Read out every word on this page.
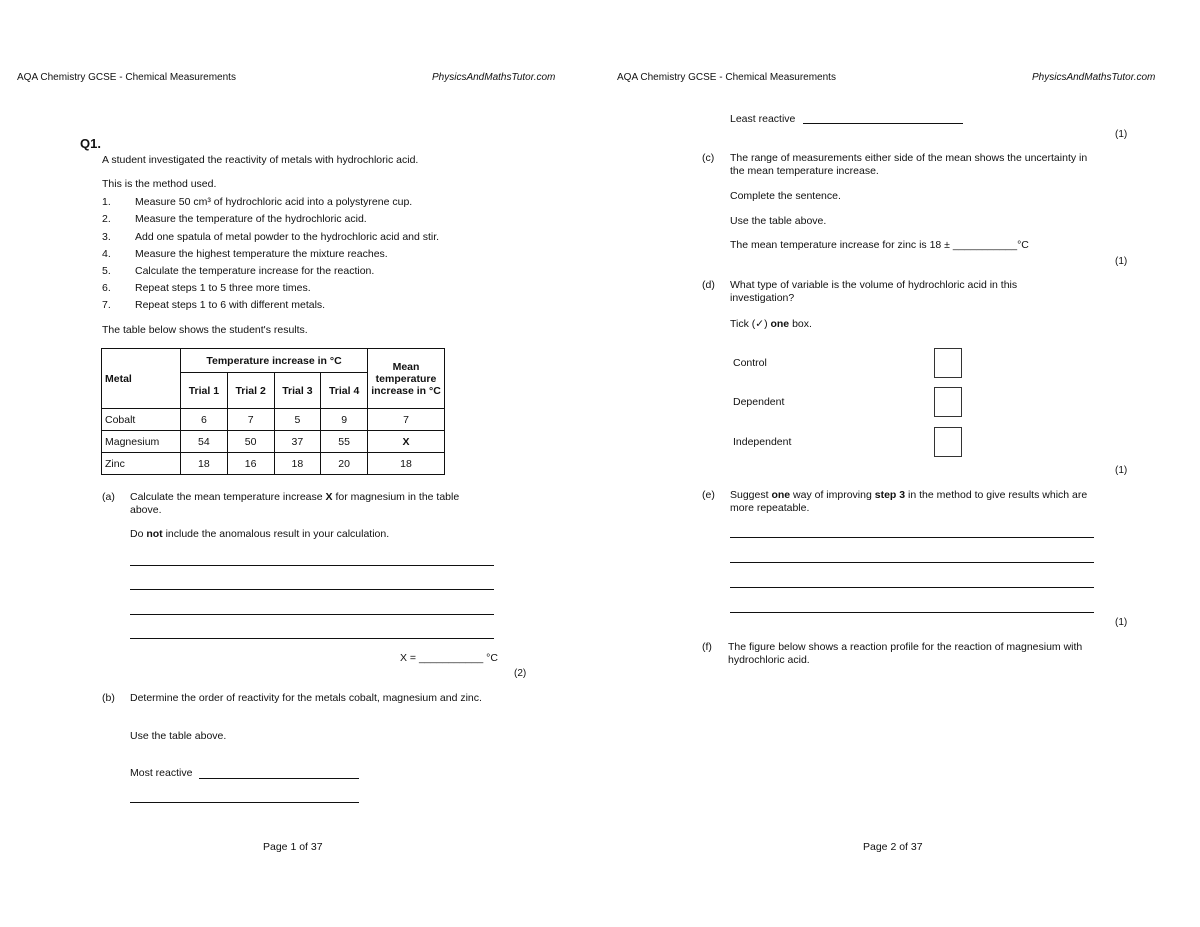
AQA Chemistry GCSE - Chemical Measurements	PhysicsAndMathsTutor.com
Q1.
A student investigated the reactivity of metals with hydrochloric acid.
This is the method used.
1. Measure 50 cm³ of hydrochloric acid into a polystyrene cup.
2. Measure the temperature of the hydrochloric acid.
3. Add one spatula of metal powder to the hydrochloric acid and stir.
4. Measure the highest temperature the mixture reaches.
5. Calculate the temperature increase for the reaction.
6. Repeat steps 1 to 5 three more times.
7. Repeat steps 1 to 6 with different metals.
The table below shows the student's results.
Metal	Temperature increase in °C				Mean temperature increase in °C
	Trial 1	Trial 2	Trial 3	Trial 4	
Cobalt	6	7	5	9	7
Magnesium	54	50	37	55	X
Zinc	18	16	18	20	18
(a) Calculate the mean temperature increase X for magnesium in the table above.
Do not include the anomalous result in your calculation.
X = ___________ °C
(2)
(b) Determine the order of reactivity for the metals cobalt, magnesium and zinc.
Use the table above.
Most reactive
Page 1 of 37
AQA Chemistry GCSE - Chemical Measurements	PhysicsAndMathsTutor.com
Least reactive
(1)
(c) The range of measurements either side of the mean shows the uncertainty in the mean temperature increase.
Complete the sentence.
Use the table above.
The mean temperature increase for zinc is 18 ± ___________°C
(1)
(d) What type of variable is the volume of hydrochloric acid in this investigation?
Tick (✓) one box.
Control
Dependent
Independent
(1)
(e) Suggest one way of improving step 3 in the method to give results which are more repeatable.
(1)
(f) The figure below shows a reaction profile for the reaction of magnesium with hydrochloric acid.
Page 2 of 37
